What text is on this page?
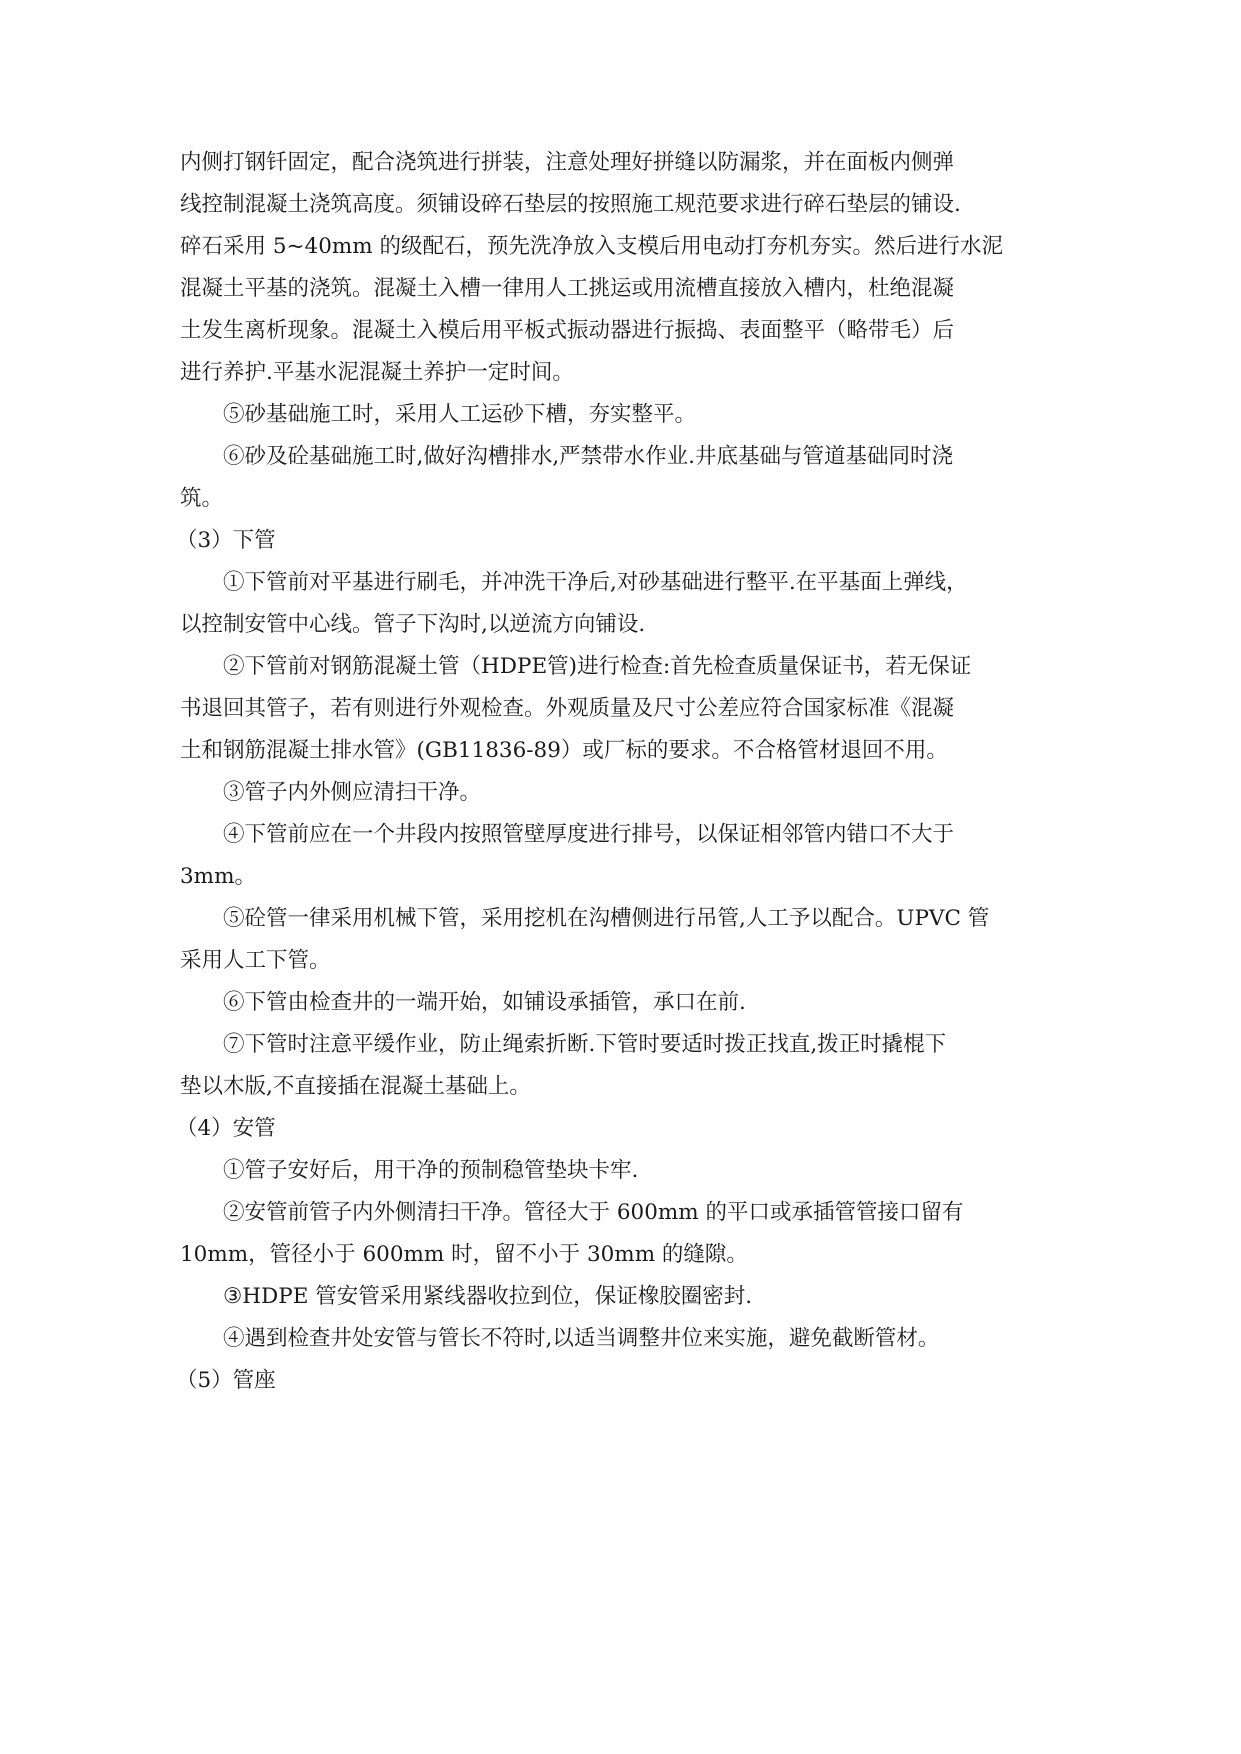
内侧打钢钎固定，配合浇筑进行拼装，注意处理好拼缝以防漏浆，并在面板内侧弹
线控制混凝土浇筑高度。须铺设碎石垫层的按照施工规范要求进行碎石垫层的铺设.
碎石采用 5~40mm 的级配石，预先洗净放入支模后用电动打夯机夯实。然后进行水泥
混凝土平基的浇筑。混凝土入槽一律用人工挑运或用流槽直接放入槽内，杜绝混凝
土发生离析现象。混凝土入模后用平板式振动器进行振捣、表面整平（略带毛）后
进行养护.平基水泥混凝土养护一定时间。
⑤砂基础施工时，采用人工运砂下槽，夯实整平。
⑥砂及砼基础施工时,做好沟槽排水,严禁带水作业.井底基础与管道基础同时浇
筑。
（3）下管
①下管前对平基进行刷毛，并冲洗干净后,对砂基础进行整平.在平基面上弹线，
以控制安管中心线。管子下沟时,以逆流方向铺设.
②下管前对钢筋混凝土管（HDPE管)进行检查:首先检查质量保证书，若无保证
书退回其管子，若有则进行外观检查。外观质量及尺寸公差应符合国家标准《混凝
土和钢筋混凝土排水管》(GB11836-89）或厂标的要求。不合格管材退回不用。
③管子内外侧应清扫干净。
④下管前应在一个井段内按照管壁厚度进行排号，以保证相邻管内错口不大于
3mm。
⑤砼管一律采用机械下管，采用挖机在沟槽侧进行吊管,人工予以配合。UPVC 管
采用人工下管。
⑥下管由检查井的一端开始，如铺设承插管，承口在前.
⑦下管时注意平缓作业，防止绳索折断.下管时要适时拨正找直,拨正时撬棍下
垫以木版,不直接插在混凝土基础上。
（4）安管
①管子安好后，用干净的预制稳管垫块卡牢.
②安管前管子内外侧清扫干净。管径大于 600mm 的平口或承插管管接口留有
10mm，管径小于 600mm 时，留不小于 30mm 的缝隙。
③HDPE 管安管采用紧线器收拉到位，保证橡胶圈密封.
④遇到检查井处安管与管长不符时,以适当调整井位来实施，避免截断管材。
（5）管座
